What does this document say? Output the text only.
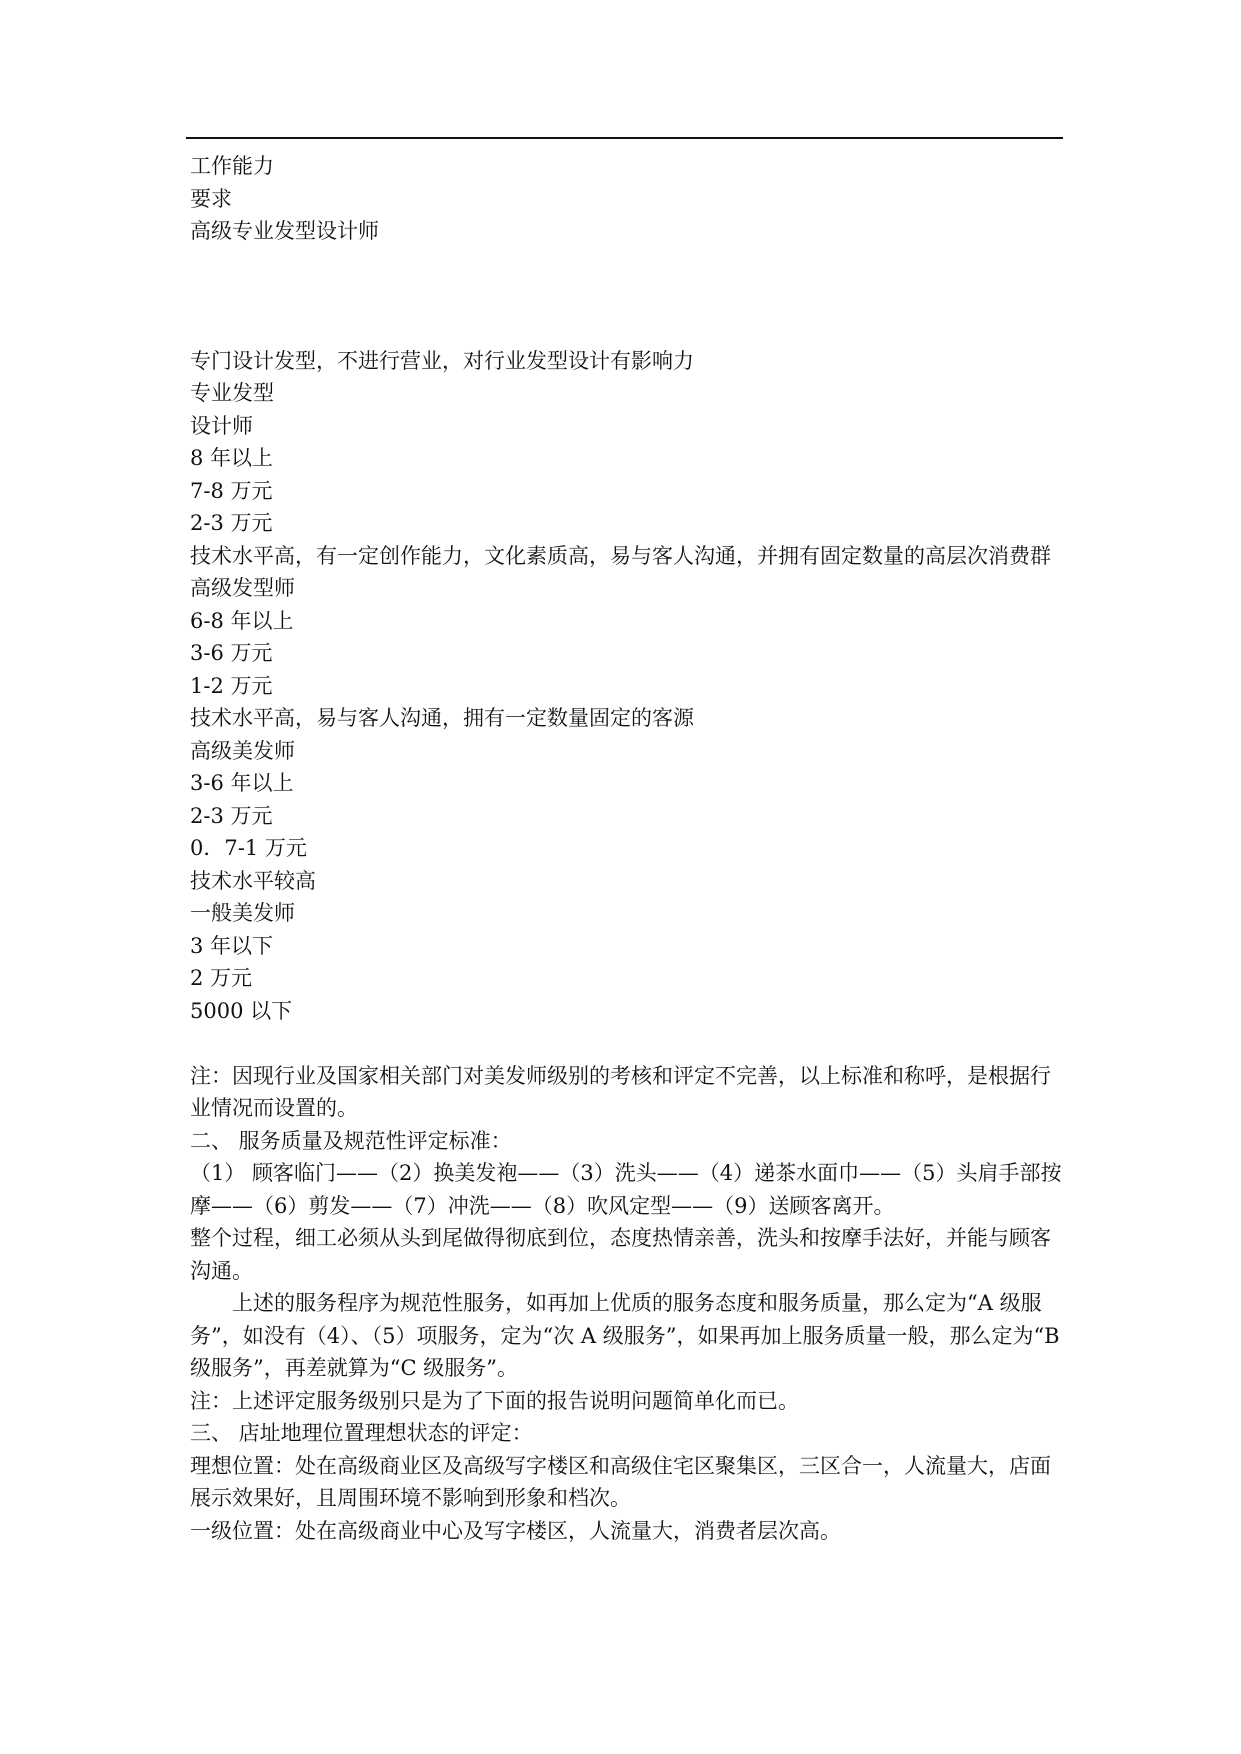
工作能力
要求
高级专业发型设计师
专门设计发型，不进行营业，对行业发型设计有影响力
专业发型
设计师
8 年以上
7-8 万元
2-3 万元
技术水平高，有一定创作能力，文化素质高，易与客人沟通，并拥有固定数量的高层次消费群
高级发型师
6-8 年以上
3-6 万元
1-2 万元
技术水平高，易与客人沟通，拥有一定数量固定的客源
高级美发师
3-6 年以上
2-3 万元
0．7-1 万元
技术水平较高
一般美发师
3 年以下
2 万元
5000 以下
注：因现行业及国家相关部门对美发师级别的考核和评定不完善，以上标准和称呼，是根据行业情况而设置的。
二、 服务质量及规范性评定标准：
（1） 顾客临门——（2）换美发袍——（3）洗头——（4）递茶水面巾——（5）头肩手部按摩——（6）剪发——（7）冲洗——（8）吹风定型——（9）送顾客离开。
整个过程，细工必须从头到尾做得彻底到位，态度热情亲善，洗头和按摩手法好，并能与顾客沟通。
上述的服务程序为规范性服务，如再加上优质的服务态度和服务质量，那么定为“A 级服务”，如没有（4）、（5）项服务，定为“次 A 级服务”，如果再加上服务质量一般，那么定为“B 级服务”，再差就算为“C 级服务”。
注：上述评定服务级别只是为了下面的报告说明问题简单化而已。
三、 店址地理位置理想状态的评定：
理想位置：处在高级商业区及高级写字楼区和高级住宅区聚集区，三区合一，人流量大，店面展示效果好，且周围环境不影响到形象和档次。
一级位置：处在高级商业中心及写字楼区，人流量大，消费者层次高。
